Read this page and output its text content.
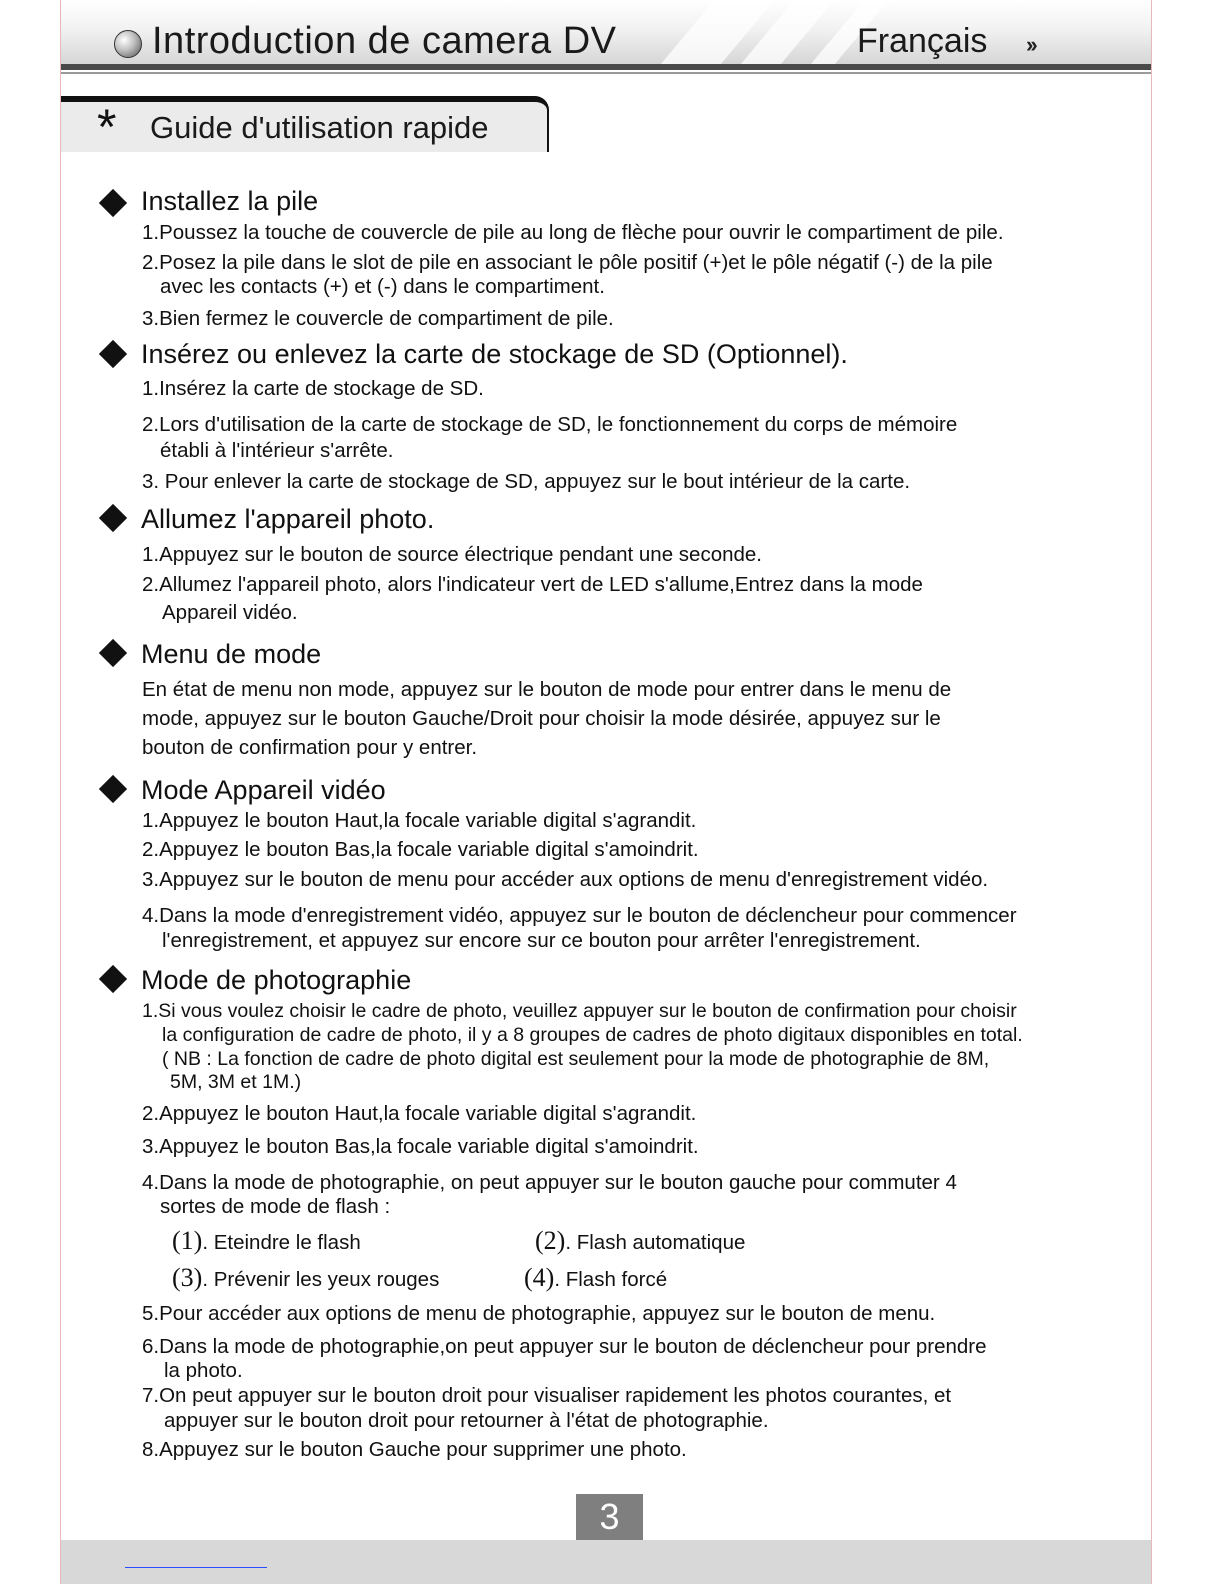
Introduction de camera DV	Français ››
* Guide d'utilisation rapide
Installez la pile
1.Poussez la touche de couvercle de pile au long de flèche pour ouvrir le compartiment de pile.
2.Posez la pile dans le slot de pile en associant le pôle positif (+)et le pôle négatif (-) de la pile
avec les contacts (+) et (-) dans le compartiment.
3.Bien fermez le couvercle de compartiment de pile.
Insérez ou enlevez la carte de stockage de SD (Optionnel).
1.Insérez la carte de stockage de SD.
2.Lors d'utilisation de la carte de stockage de SD, le fonctionnement du corps de mémoire
établi à l'intérieur s'arrête.
3. Pour enlever la carte de stockage de SD, appuyez sur le bout intérieur de la carte.
Allumez l'appareil photo.
1.Appuyez sur le bouton de source électrique pendant une seconde.
2.Allumez l'appareil photo, alors l'indicateur vert de LED s'allume,Entrez dans la mode
Appareil vidéo.
Menu de mode
En état de menu non mode, appuyez sur le bouton de mode pour entrer dans le menu de
mode, appuyez sur le bouton Gauche/Droit pour choisir la mode désirée, appuyez sur le
bouton de confirmation pour y entrer.
Mode Appareil vidéo
1.Appuyez le bouton Haut,la focale variable digital s'agrandit.
2.Appuyez le bouton Bas,la focale variable digital s'amoindrit.
3.Appuyez sur le bouton de menu pour accéder aux options de menu d'enregistrement vidéo.
4.Dans la mode d'enregistrement vidéo, appuyez sur le bouton de déclencheur pour commencer
l'enregistrement, et appuyez sur encore sur ce bouton pour arrêter l'enregistrement.
Mode de photographie
1.Si vous voulez choisir le cadre de photo, veuillez appuyer sur le bouton de confirmation pour choisir
la configuration de cadre de photo, il y a 8 groupes de cadres de photo digitaux disponibles en total.
( NB : La fonction de cadre de photo digital est seulement pour la mode de photographie de 8M,
5M, 3M et 1M.)
2.Appuyez le bouton Haut,la focale variable digital s'agrandit.
3.Appuyez le bouton Bas,la focale variable digital s'amoindrit.
4.Dans la mode de photographie, on peut appuyer sur le bouton gauche pour commuter 4
sortes de mode de flash :
(1). Eteindre le flash	(2). Flash automatique
(3). Prévenir les yeux rouges	(4). Flash forcé
5.Pour accéder aux options de menu de photographie, appuyez sur le bouton de menu.
6.Dans la mode de photographie,on peut appuyer sur le bouton de déclencheur pour prendre
la photo.
7.On peut appuyer sur le bouton droit pour visualiser rapidement les photos courantes, et
appuyer sur le bouton droit pour retourner à l'état de photographie.
8.Appuyez sur le bouton Gauche pour supprimer une photo.
3
